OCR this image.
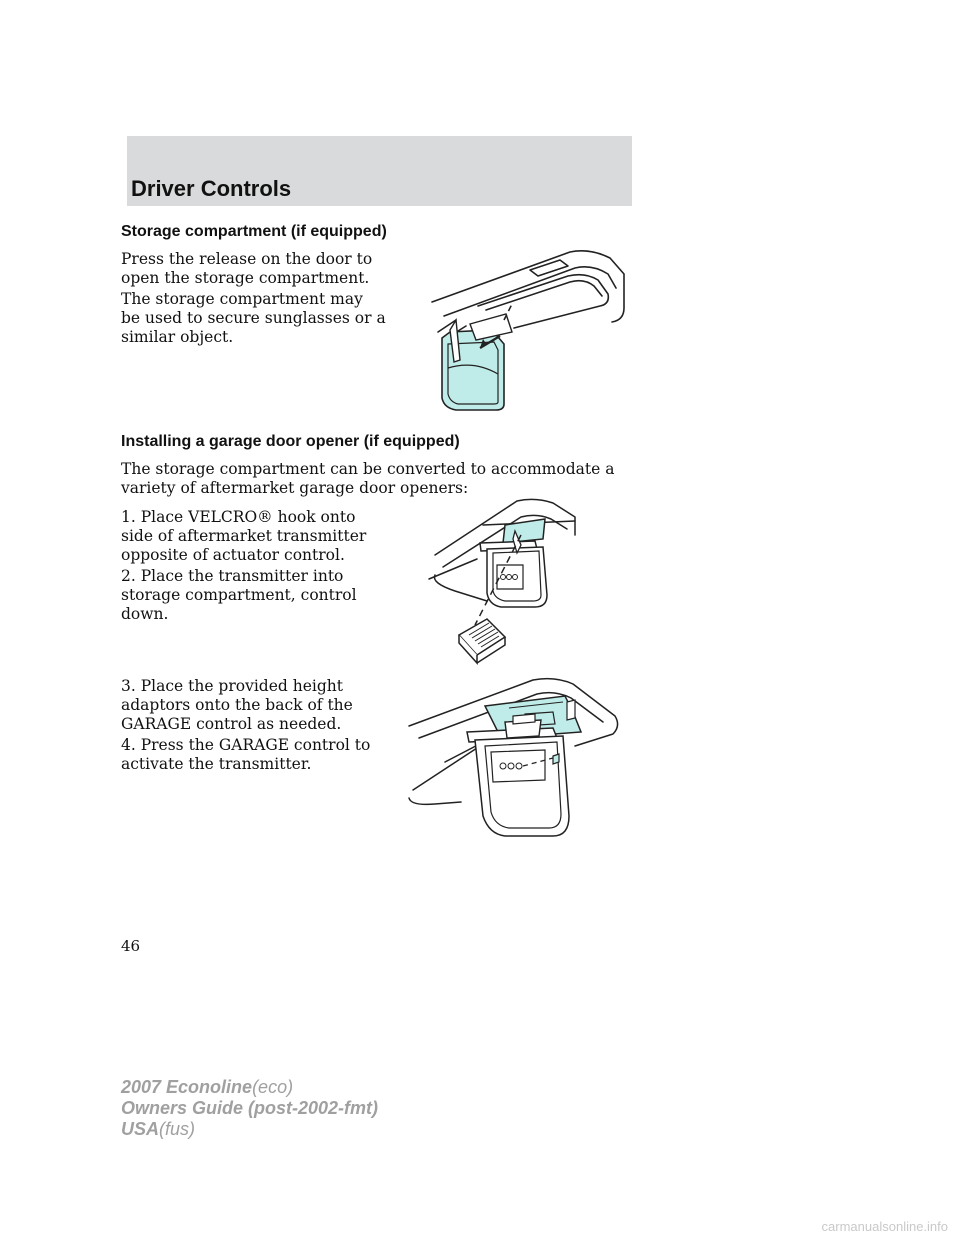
Driver Controls
Storage compartment (if equipped)
Press the release on the door to open the storage compartment.
The storage compartment may be used to secure sunglasses or a similar object.
Installing a garage door opener (if equipped)
The storage compartment can be converted to accommodate a variety of aftermarket garage door openers:
1. Place VELCRO® hook onto side of aftermarket transmitter opposite of actuator control.
2. Place the transmitter into storage compartment, control down.
3. Place the provided height adaptors onto the back of the GARAGE control as needed.
4. Press the GARAGE control to activate the transmitter.
46
2007 Econoline(eco)
Owners Guide (post-2002-fmt)
USA(fus)
carmanualsonline.info
